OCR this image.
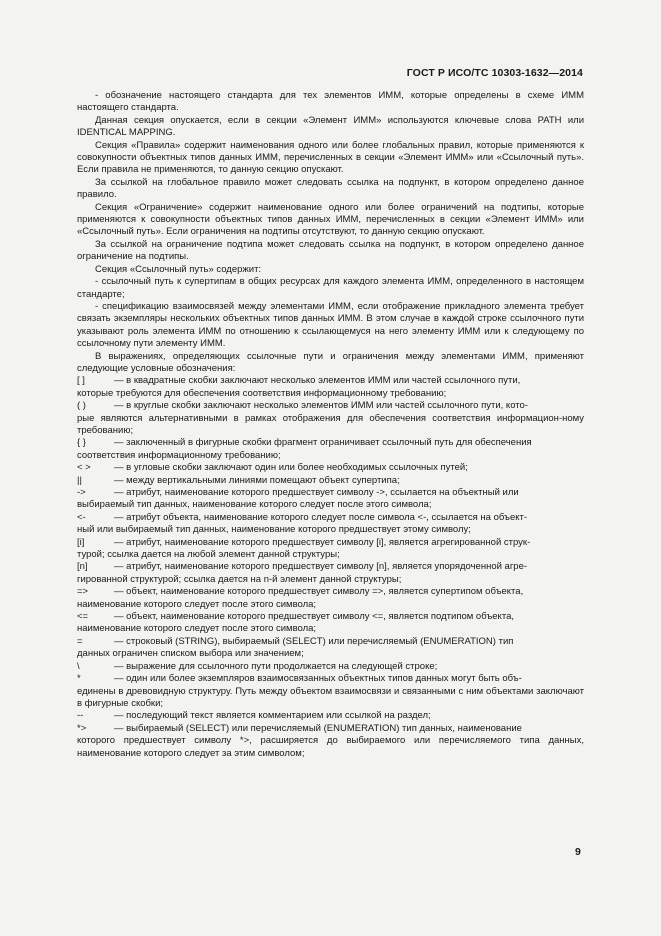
ГОСТ Р ИСО/ТС 10303-1632—2014

- обозначение настоящего стандарта для тех элементов ИММ, которые определены в схеме ИММ настоящего стандарта.

Данная секция опускается, если в секции «Элемент ИММ» используются ключевые слова PATH или IDENTICAL MAPPING.

Секция «Правила» содержит наименования одного или более глобальных правил, которые применяются к совокупности объектных типов данных ИММ, перечисленных в секции «Элемент ИММ» или «Ссылочный путь». Если правила не применяются, то данную секцию опускают.

За ссылкой на глобальное правило может следовать ссылка на подпункт, в котором определено данное правило.

Секция «Ограничение» содержит наименование одного или более ограничений на подтипы, которые применяются к совокупности объектных типов данных ИММ, перечисленных в секции «Элемент ИММ» или «Ссылочный путь». Если ограничения на подтипы отсутствуют, то данную секцию опускают.

За ссылкой на ограничение подтипа может следовать ссылка на подпункт, в котором определено данное ограничение на подтипы.

Секция «Ссылочный путь» содержит:

- ссылочный путь к супертипам в общих ресурсах для каждого элемента ИММ, определенного в настоящем стандарте;

- спецификацию взаимосвязей между элементами ИММ, если отображение прикладного элемента требует связать экземпляры нескольких объектных типов данных ИММ. В этом случае в каждой строке ссылочного пути указывают роль элемента ИММ по отношению к ссылающемуся на него элементу ИММ или к следующему по ссылочному пути элементу ИММ.

В выражениях, определяющих ссылочные пути и ограничения между элементами ИММ, применяют следующие условные обозначения:

[ ]	— в квадратные скобки заключают несколько элементов ИММ или частей ссылочного пути,

которые требуются для обеспечения соответствия информационному требованию;

( )	— в круглые скобки заключают несколько элементов ИММ или частей ссылочного пути, кото-

рые являются альтернативными в рамках отображения для обеспечения соответствия информацион-ному требованию;

{ }	— заключенный в фигурные скобки фрагмент ограничивает ссылочный путь для обеспечения

соответствия информационному требованию;

< >	— в угловые скобки заключают один или более необходимых ссылочных путей;

||	— между вертикальными линиями помещают объект супертипа;

->	— атрибут, наименование которого предшествует символу ->, ссылается на объектный или

выбираемый тип данных, наименование которого следует после этого символа;

<-	— атрибут объекта, наименование которого следует после символа <-, ссылается на объект-

ный или выбираемый тип данных, наименование которого предшествует этому символу;

[i]	— атрибут, наименование которого предшествует символу [i], является агрегированной струк-

турой; ссылка дается на любой элемент данной структуры;

[n]	— атрибут, наименование которого предшествует символу [n], является упорядоченной агре-

гированной структурой; ссылка дается на n-й элемент данной структуры;

=>	— объект, наименование которого предшествует символу =>, является супертипом объекта,

наименование которого следует после этого символа;

<=	— объект, наименование которого предшествует символу <=, является подтипом объекта,

наименование которого следует после этого символа;

=	— строковый (STRING), выбираемый (SELECT) или перечисляемый (ENUMERATION) тип

данных ограничен списком выбора или значением;

\	— выражение для ссылочного пути продолжается на следующей строке;

*	— один или более экземпляров взаимосвязанных объектных типов данных могут быть объ-

единены в древовидную структуру. Путь между объектом взаимосвязи и связанными с ним объектами заключают в фигурные скобки;

--	— последующий текст является комментарием или ссылкой на раздел;

*>	— выбираемый (SELECT) или перечисляемый (ENUMERATION) тип данных, наименование

которого предшествует символу *>, расширяется до выбираемого или перечисляемого типа данных, наименование которого следует за этим символом;

9
